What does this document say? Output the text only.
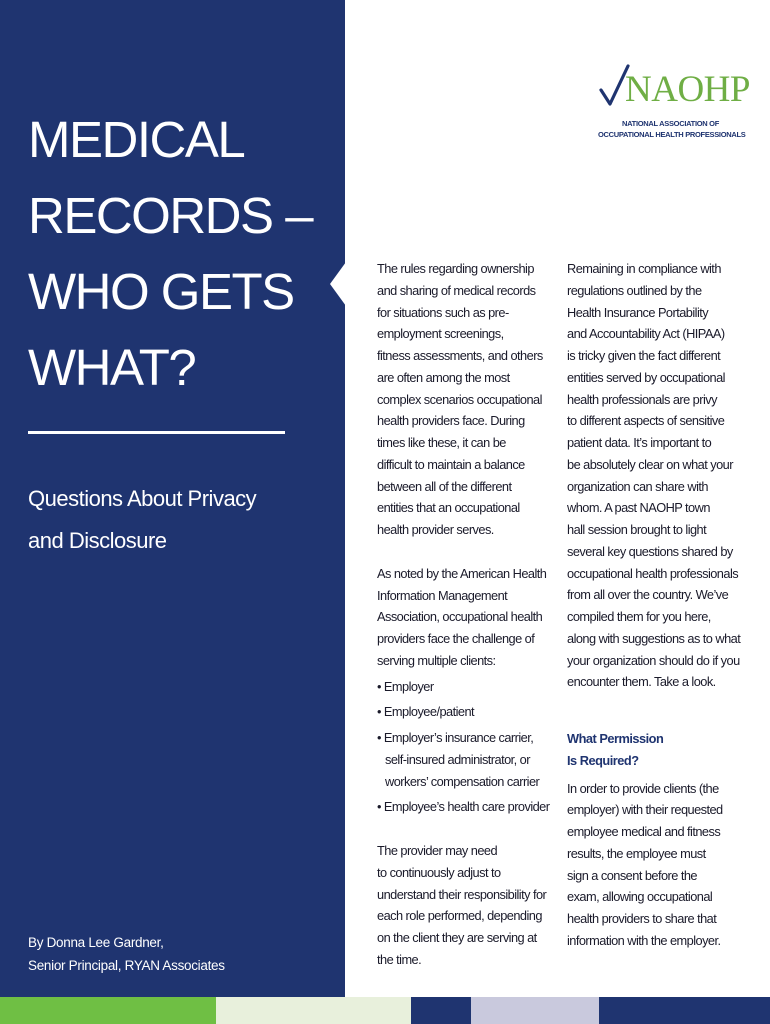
MEDICAL
RECORDS –
WHO GETS
WHAT?
Questions About Privacy
and Disclosure
By Donna Lee Gardner,
Senior Principal, RYAN Associates
NAOHP
NATIONAL ASSOCIATION OF
OCCUPATIONAL HEALTH PROFESSIONALS
The rules regarding ownership
and sharing of medical records
for situations such as pre-
employment screenings,
fitness assessments, and others
are often among the most
complex scenarios occupational
health providers face. During
times like these, it can be
difficult to maintain a balance
between all of the different
entities that an occupational
health provider serves.
As noted by the American Health
Information Management
Association, occupational health
providers face the challenge of
serving multiple clients:
• Employer
• Employee/patient
• Employer’s insurance carrier,
self-insured administrator, or
workers’ compensation carrier
• Employee’s health care provider
The provider may need
to continuously adjust to
understand their responsibility for
each role performed, depending
on the client they are serving at
the time.
Remaining in compliance with
regulations outlined by the
Health Insurance Portability
and Accountability Act (HIPAA)
is tricky given the fact different
entities served by occupational
health professionals are privy
to different aspects of sensitive
patient data. It’s important to
be absolutely clear on what your
organization can share with
whom. A past NAOHP town
hall session brought to light
several key questions shared by
occupational health professionals
from all over the country. We’ve
compiled them for you here,
along with suggestions as to what
your organization should do if you
encounter them. Take a look.
What Permission
Is Required?
In order to provide clients (the
employer) with their requested
employee medical and fitness
results, the employee must
sign a consent before the
exam, allowing occupational
health providers to share that
information with the employer.
